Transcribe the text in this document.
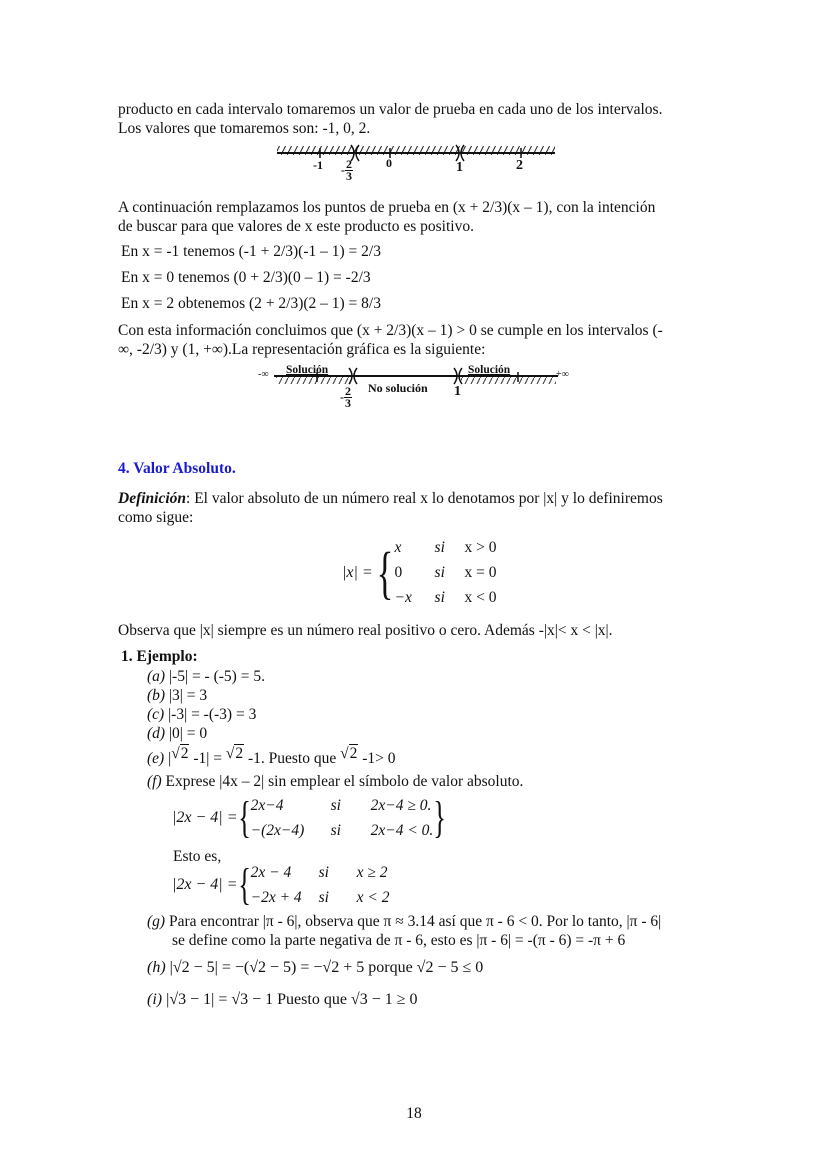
producto en cada intervalo tomaremos un valor de prueba en cada uno de los intervalos.
Los valores que tomaremos son: -1, 0, 2.
-1	0	1	2
- $\frac{2}{3}$
A continuación remplazamos los puntos de prueba en (x + 2/3)(x – 1), con la intención
de buscar para que valores de x este producto es positivo.
En x = -1 tenemos (-1 + 2/3)(-1 – 1) = 2/3
En x = 0 tenemos (0 + 2/3)(0 – 1) = -2/3
En x = 2 obtenemos (2 + 2/3)(2 – 1) = 8/3
Con esta información concluimos que (x + 2/3)(x – 1) > 0 se cumple en los intervalos (-
∞, -2/3) y (1, +∞).La representación gráfica es la siguiente:
-∞	+∞
Solución
No solución
Solución
1
- $\frac{2}{3}$
4. Valor Absoluto.
Definición: El valor absoluto de un número real x lo denotamos por |x| y lo definiremos
como sigue:
|x| = { x	si	x > 0
0	si	x = 0
−x	si	x < 0
Observa que |x| siempre es un número real positivo o cero. Además -|x|< x < |x|.
1. Ejemplo:
(a) |-5| = - (-5) = 5.
(b) |3| = 3
(c) |-3| = -(-3) = 3
(d) |0| = 0
(e) |√2 -1| = √2 -1. Puesto que √2 -1> 0
(f) Exprese |4x – 2| sin emplear el símbolo de valor absoluto.
|2x − 4| = { 2x−4	si	2x−4 ≥ 0.
−(2x−4)	si	2x−4 < 0. }
Esto es,
|2x − 4| = { 2x − 4	si	x ≥ 2
−2x + 4	si	x < 2
(g) Para encontrar |π - 6|, observa que π ≈ 3.14 así que π - 6 < 0. Por lo tanto, |π - 6|
se define como la parte negativa de π - 6, esto es |π - 6| = -(π - 6) = -π + 6
(h) |√2 − 5| = −(√2 − 5) = −√2 + 5 porque √2 − 5 ≤ 0
(i) |√3 − 1| = √3 − 1 Puesto que √3 − 1 ≥ 0
18
